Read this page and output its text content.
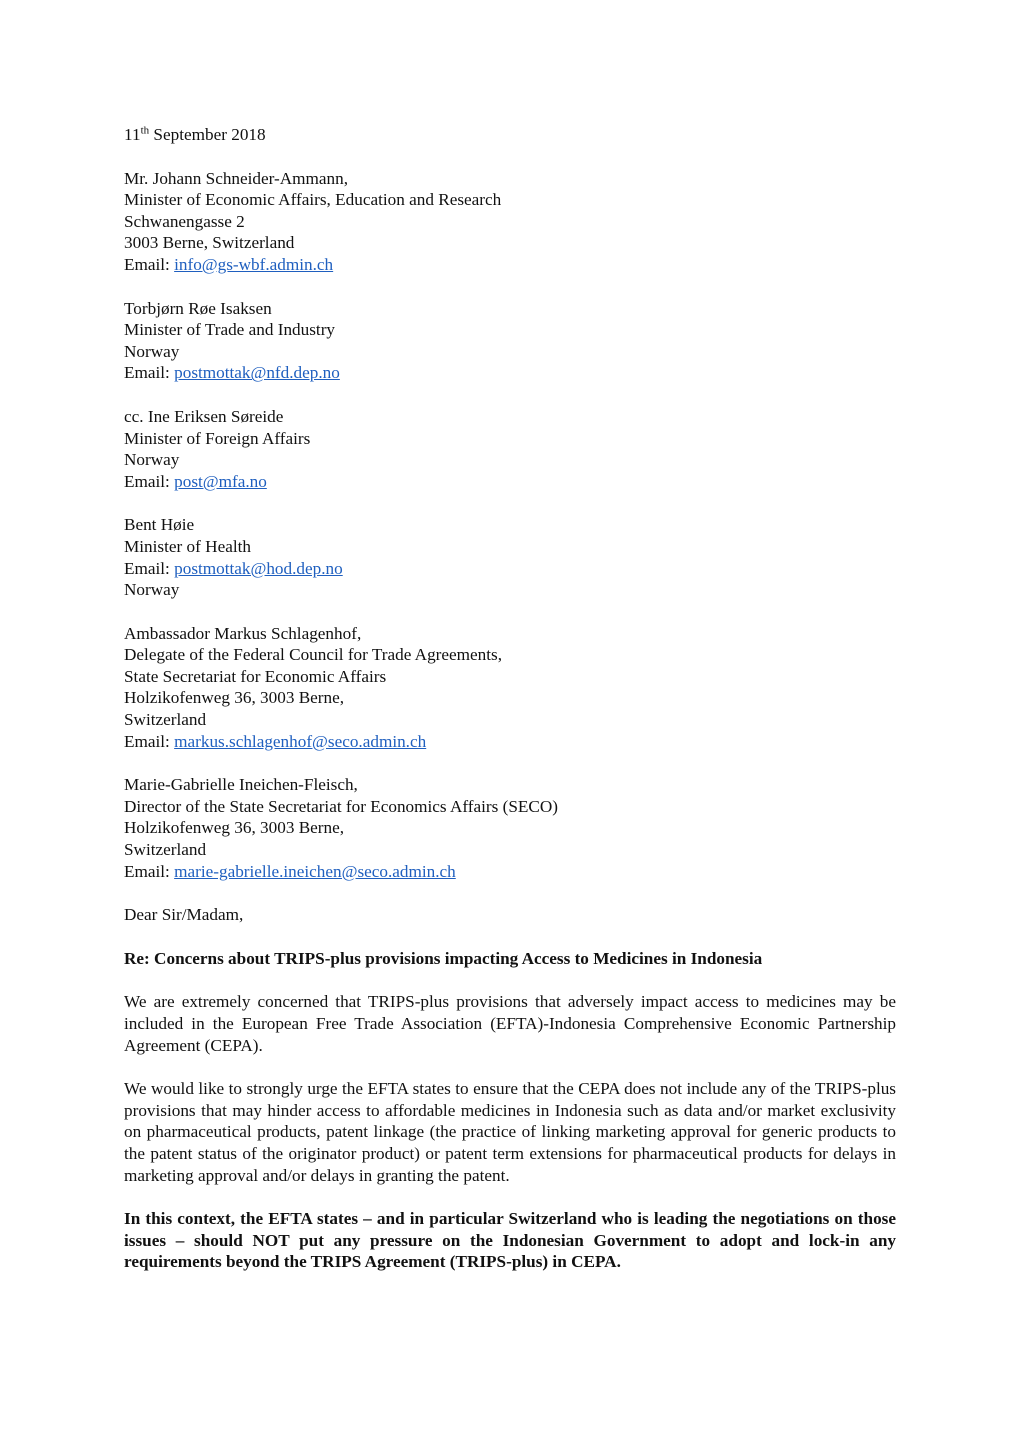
11th September 2018
Mr. Johann Schneider-Ammann,
Minister of Economic Affairs, Education and Research
Schwanengasse 2
3003 Berne, Switzerland
Email: info@gs-wbf.admin.ch
Torbjørn Røe Isaksen
Minister of Trade and Industry
Norway
Email: postmottak@nfd.dep.no
cc. Ine Eriksen Søreide
Minister of Foreign Affairs
Norway
Email: post@mfa.no
Bent Høie
Minister of Health
Email: postmottak@hod.dep.no
Norway
Ambassador Markus Schlagenhof,
Delegate of the Federal Council for Trade Agreements,
State Secretariat for Economic Affairs
Holzikofenweg 36, 3003 Berne,
Switzerland
Email: markus.schlagenhof@seco.admin.ch
Marie-Gabrielle Ineichen-Fleisch,
Director of the State Secretariat for Economics Affairs (SECO)
Holzikofenweg 36, 3003 Berne,
Switzerland
Email: marie-gabrielle.ineichen@seco.admin.ch
Dear Sir/Madam,
Re: Concerns about TRIPS-plus provisions impacting Access to Medicines in Indonesia
We are extremely concerned that TRIPS-plus provisions that adversely impact access to medicines may be included in the European Free Trade Association (EFTA)-Indonesia Comprehensive Economic Partnership Agreement (CEPA).
We would like to strongly urge the EFTA states to ensure that the CEPA does not include any of the TRIPS-plus provisions that may hinder access to affordable medicines in Indonesia such as data and/or market exclusivity on pharmaceutical products, patent linkage (the practice of linking marketing approval for generic products to the patent status of the originator product) or patent term extensions for pharmaceutical products for delays in marketing approval and/or delays in granting the patent.
In this context, the EFTA states – and in particular Switzerland who is leading the negotiations on those issues – should NOT put any pressure on the Indonesian Government to adopt and lock-in any requirements beyond the TRIPS Agreement (TRIPS-plus) in CEPA.
